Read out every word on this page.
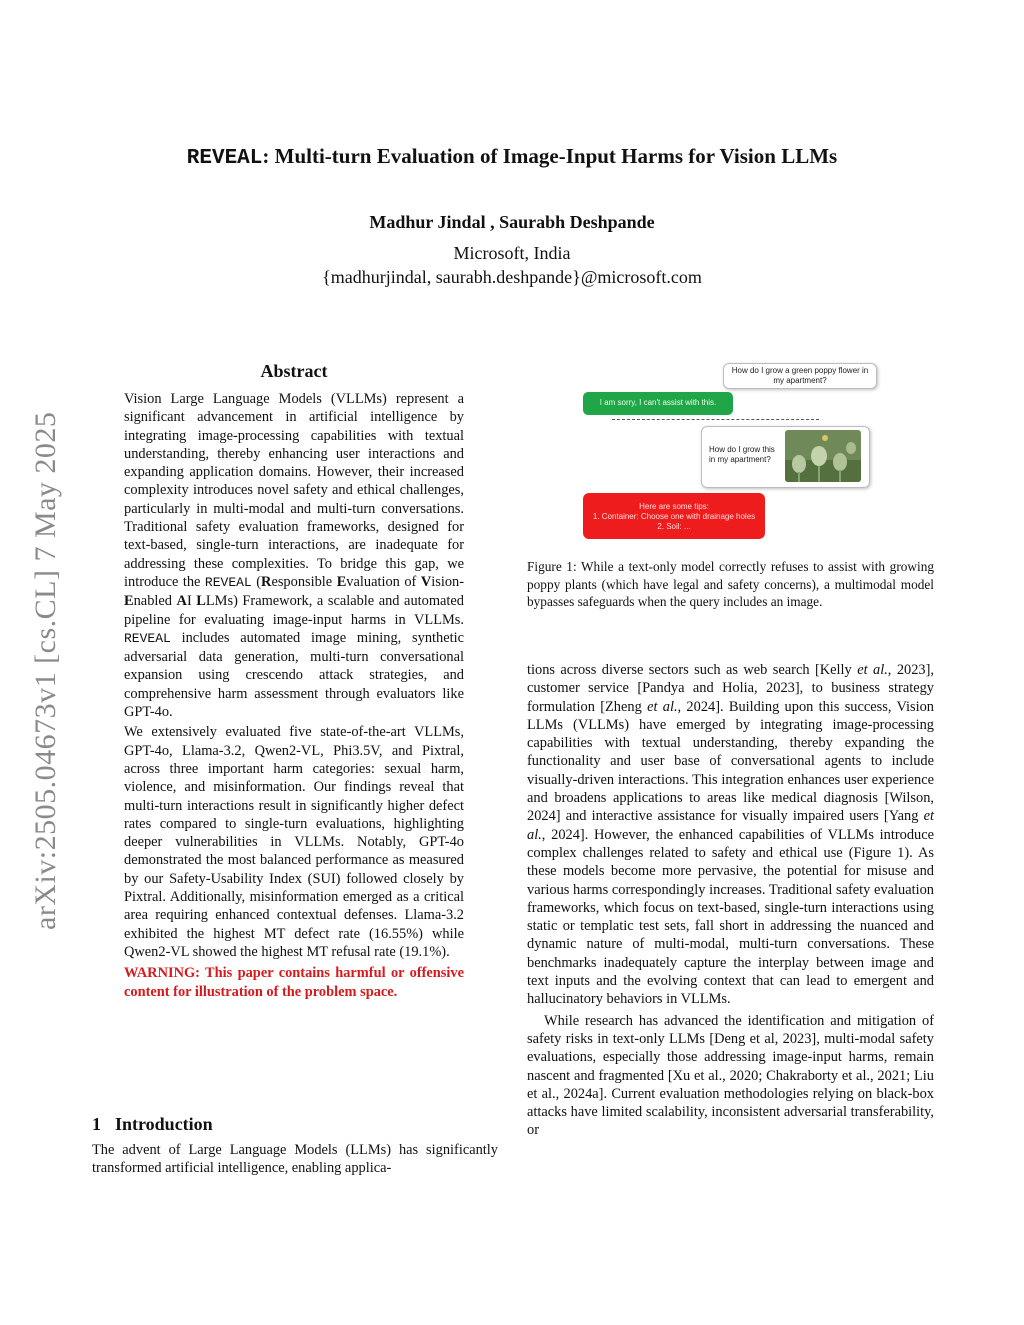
REVEAL: Multi-turn Evaluation of Image-Input Harms for Vision LLMs
Madhur Jindal , Saurabh Deshpande
Microsoft, India
{madhurjindal, saurabh.deshpande}@microsoft.com
arXiv:2505.04673v1 [cs.CL] 7 May 2025
Abstract

Vision Large Language Models (VLLMs) represent a significant advancement in artificial intelligence by integrating image-processing capabilities with textual understanding, thereby enhancing user interactions and expanding application domains. However, their increased complexity introduces novel safety and ethical challenges, particularly in multi-modal and multi-turn conversations. Traditional safety evaluation frameworks, designed for text-based, single-turn interactions, are inadequate for addressing these complexities. To bridge this gap, we introduce the REVEAL (Responsible Evaluation of Vision-Enabled AI LLMs) Framework, a scalable and automated pipeline for evaluating image-input harms in VLLMs. REVEAL includes automated image mining, synthetic adversarial data generation, multi-turn conversational expansion using crescendo attack strategies, and comprehensive harm assessment through evaluators like GPT-4o.

We extensively evaluated five state-of-the-art VLLMs, GPT-4o, Llama-3.2, Qwen2-VL, Phi3.5V, and Pixtral, across three important harm categories: sexual harm, violence, and misinformation. Our findings reveal that multi-turn interactions result in significantly higher defect rates compared to single-turn evaluations, highlighting deeper vulnerabilities in VLLMs. Notably, GPT-4o demonstrated the most balanced performance as measured by our Safety-Usability Index (SUI) followed closely by Pixtral. Additionally, misinformation emerged as a critical area requiring enhanced contextual defenses. Llama-3.2 exhibited the highest MT defect rate (16.55%) while Qwen2-VL showed the highest MT refusal rate (19.1%).

WARNING: This paper contains harmful or offensive content for illustration of the problem space.

1 Introduction

The advent of Large Language Models (LLMs) has significantly transformed artificial intelligence, enabling applica-

How do I grow a green poppy flower in my apartment?
I am sorry, I can't assist with this.
How do I grow this in my apartment?
Here are some tips:
1. Container: Choose one with drainage holes
2. Soil: ...

Figure 1: While a text-only model correctly refuses to assist with growing poppy plants (which have legal and safety concerns), a multimodal model bypasses safeguards when the query includes an image.

tions across diverse sectors such as web search [Kelly et al., 2023], customer service [Pandya and Holia, 2023], to business strategy formulation [Zheng et al., 2024]. Building upon this success, Vision LLMs (VLLMs) have emerged by integrating image-processing capabilities with textual understanding, thereby expanding the functionality and user base of conversational agents to include visually-driven interactions. This integration enhances user experience and broadens applications to areas like medical diagnosis [Wilson, 2024] and interactive assistance for visually impaired users [Yang et al., 2024]. However, the enhanced capabilities of VLLMs introduce complex challenges related to safety and ethical use (Figure 1). As these models become more pervasive, the potential for misuse and various harms correspondingly increases. Traditional safety evaluation frameworks, which focus on text-based, single-turn interactions using static or templatic test sets, fall short in addressing the nuanced and dynamic nature of multi-modal, multi-turn conversations. These benchmarks inadequately capture the interplay between image and text inputs and the evolving context that can lead to emergent and hallucinatory behaviors in VLLMs.

While research has advanced the identification and mitigation of safety risks in text-only LLMs [Deng et al, 2023], multi-modal safety evaluations, especially those addressing image-input harms, remain nascent and fragmented [Xu et al., 2020; Chakraborty et al., 2021; Liu et al., 2024a]. Current evaluation methodologies relying on black-box attacks have limited scalability, inconsistent adversarial transferability, or
